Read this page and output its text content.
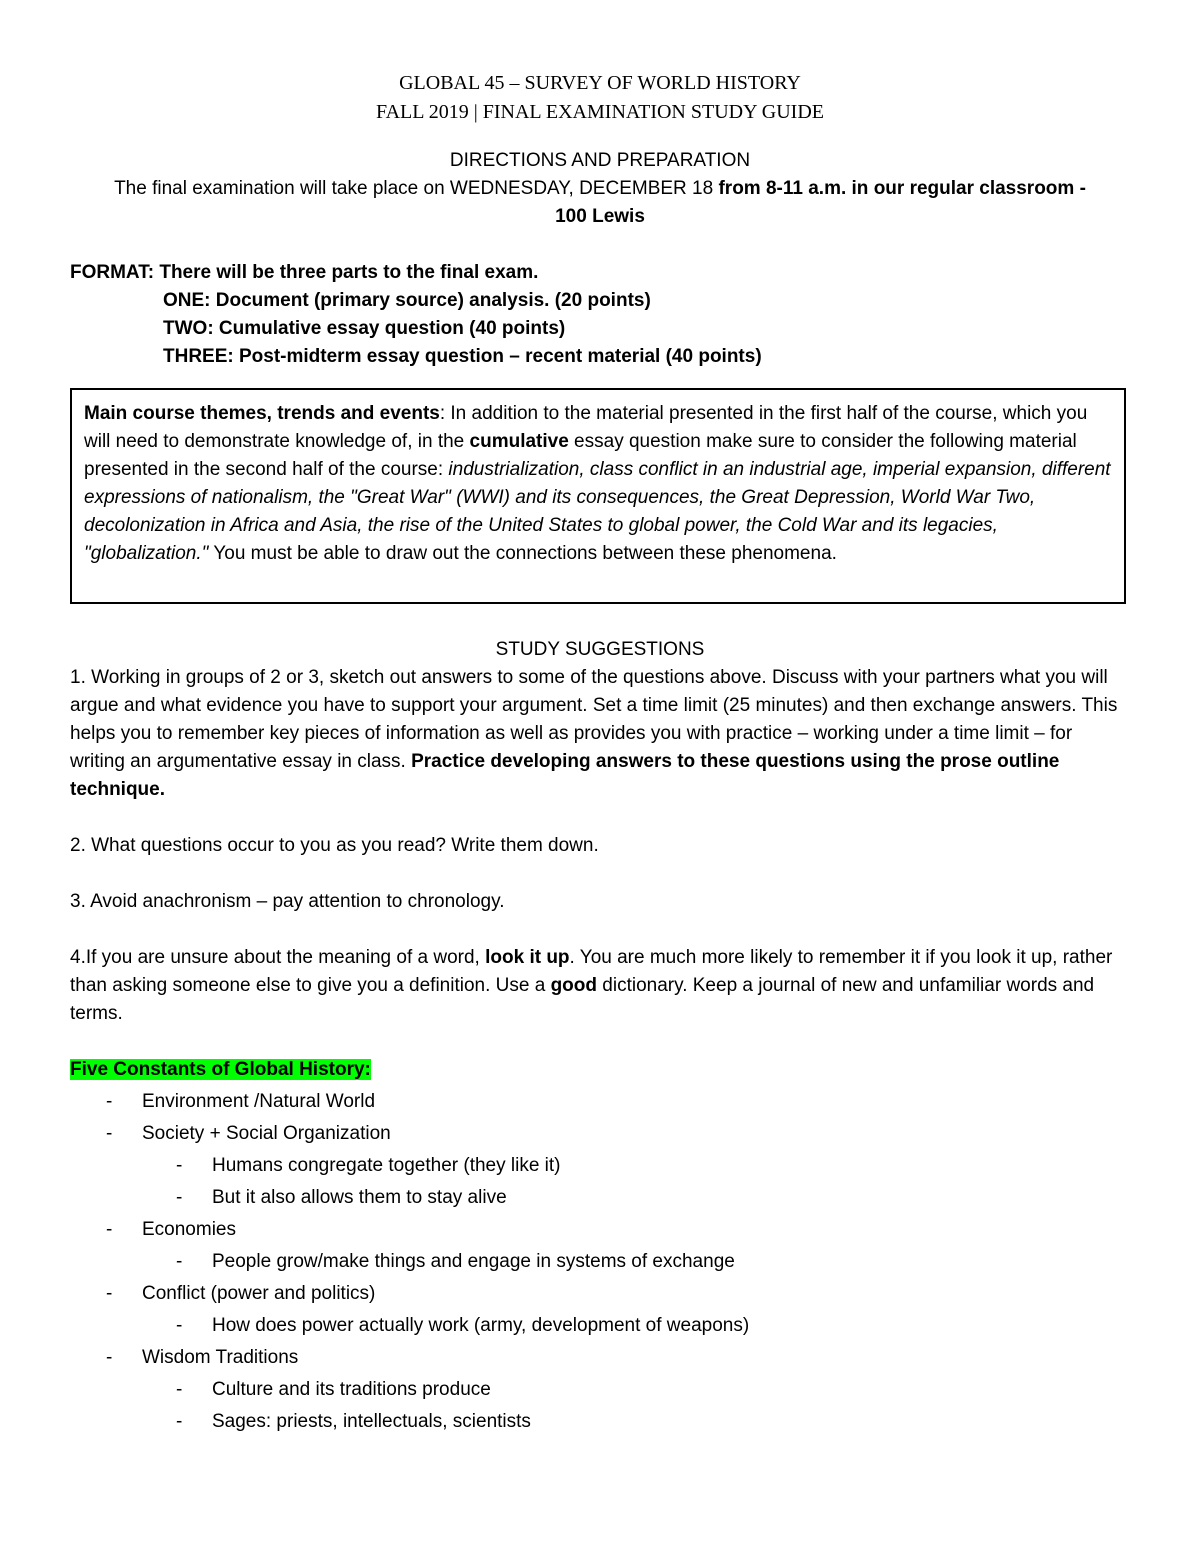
GLOBAL 45 – SURVEY OF WORLD HISTORY
FALL 2019 | FINAL EXAMINATION STUDY GUIDE
DIRECTIONS AND PREPARATION
The final examination will take place on WEDNESDAY, DECEMBER 18 from 8-11 a.m. in our regular classroom -
100 Lewis
FORMAT: There will be three parts to the final exam.
ONE: Document (primary source) analysis. (20 points)
TWO: Cumulative essay question (40 points)
THREE: Post-midterm essay question – recent material (40 points)
Main course themes, trends and events: In addition to the material presented in the first half of the course, which you will need to demonstrate knowledge of, in the cumulative essay question make sure to consider the following material presented in the second half of the course: industrialization, class conflict in an industrial age, imperial expansion, different expressions of nationalism, the "Great War" (WWI) and its consequences, the Great Depression, World War Two, decolonization in Africa and Asia, the rise of the United States to global power, the Cold War and its legacies, "globalization." You must be able to draw out the connections between these phenomena.
STUDY SUGGESTIONS
1. Working in groups of 2 or 3, sketch out answers to some of the questions above. Discuss with your partners what you will argue and what evidence you have to support your argument. Set a time limit (25 minutes) and then exchange answers. This helps you to remember key pieces of information as well as provides you with practice – working under a time limit – for writing an argumentative essay in class. Practice developing answers to these questions using the prose outline technique.
2. What questions occur to you as you read? Write them down.
3. Avoid anachronism – pay attention to chronology.
4.If you are unsure about the meaning of a word, look it up. You are much more likely to remember it if you look it up, rather than asking someone else to give you a definition. Use a good dictionary. Keep a journal of new and unfamiliar words and terms.
Five Constants of Global History:
- Environment /Natural World
- Society + Social Organization
- Humans congregate together (they like it)
- But it also allows them to stay alive
- Economies
- People grow/make things and engage in systems of exchange
- Conflict (power and politics)
- How does power actually work (army, development of weapons)
- Wisdom Traditions
- Culture and its traditions produce
- Sages: priests, intellectuals, scientists
